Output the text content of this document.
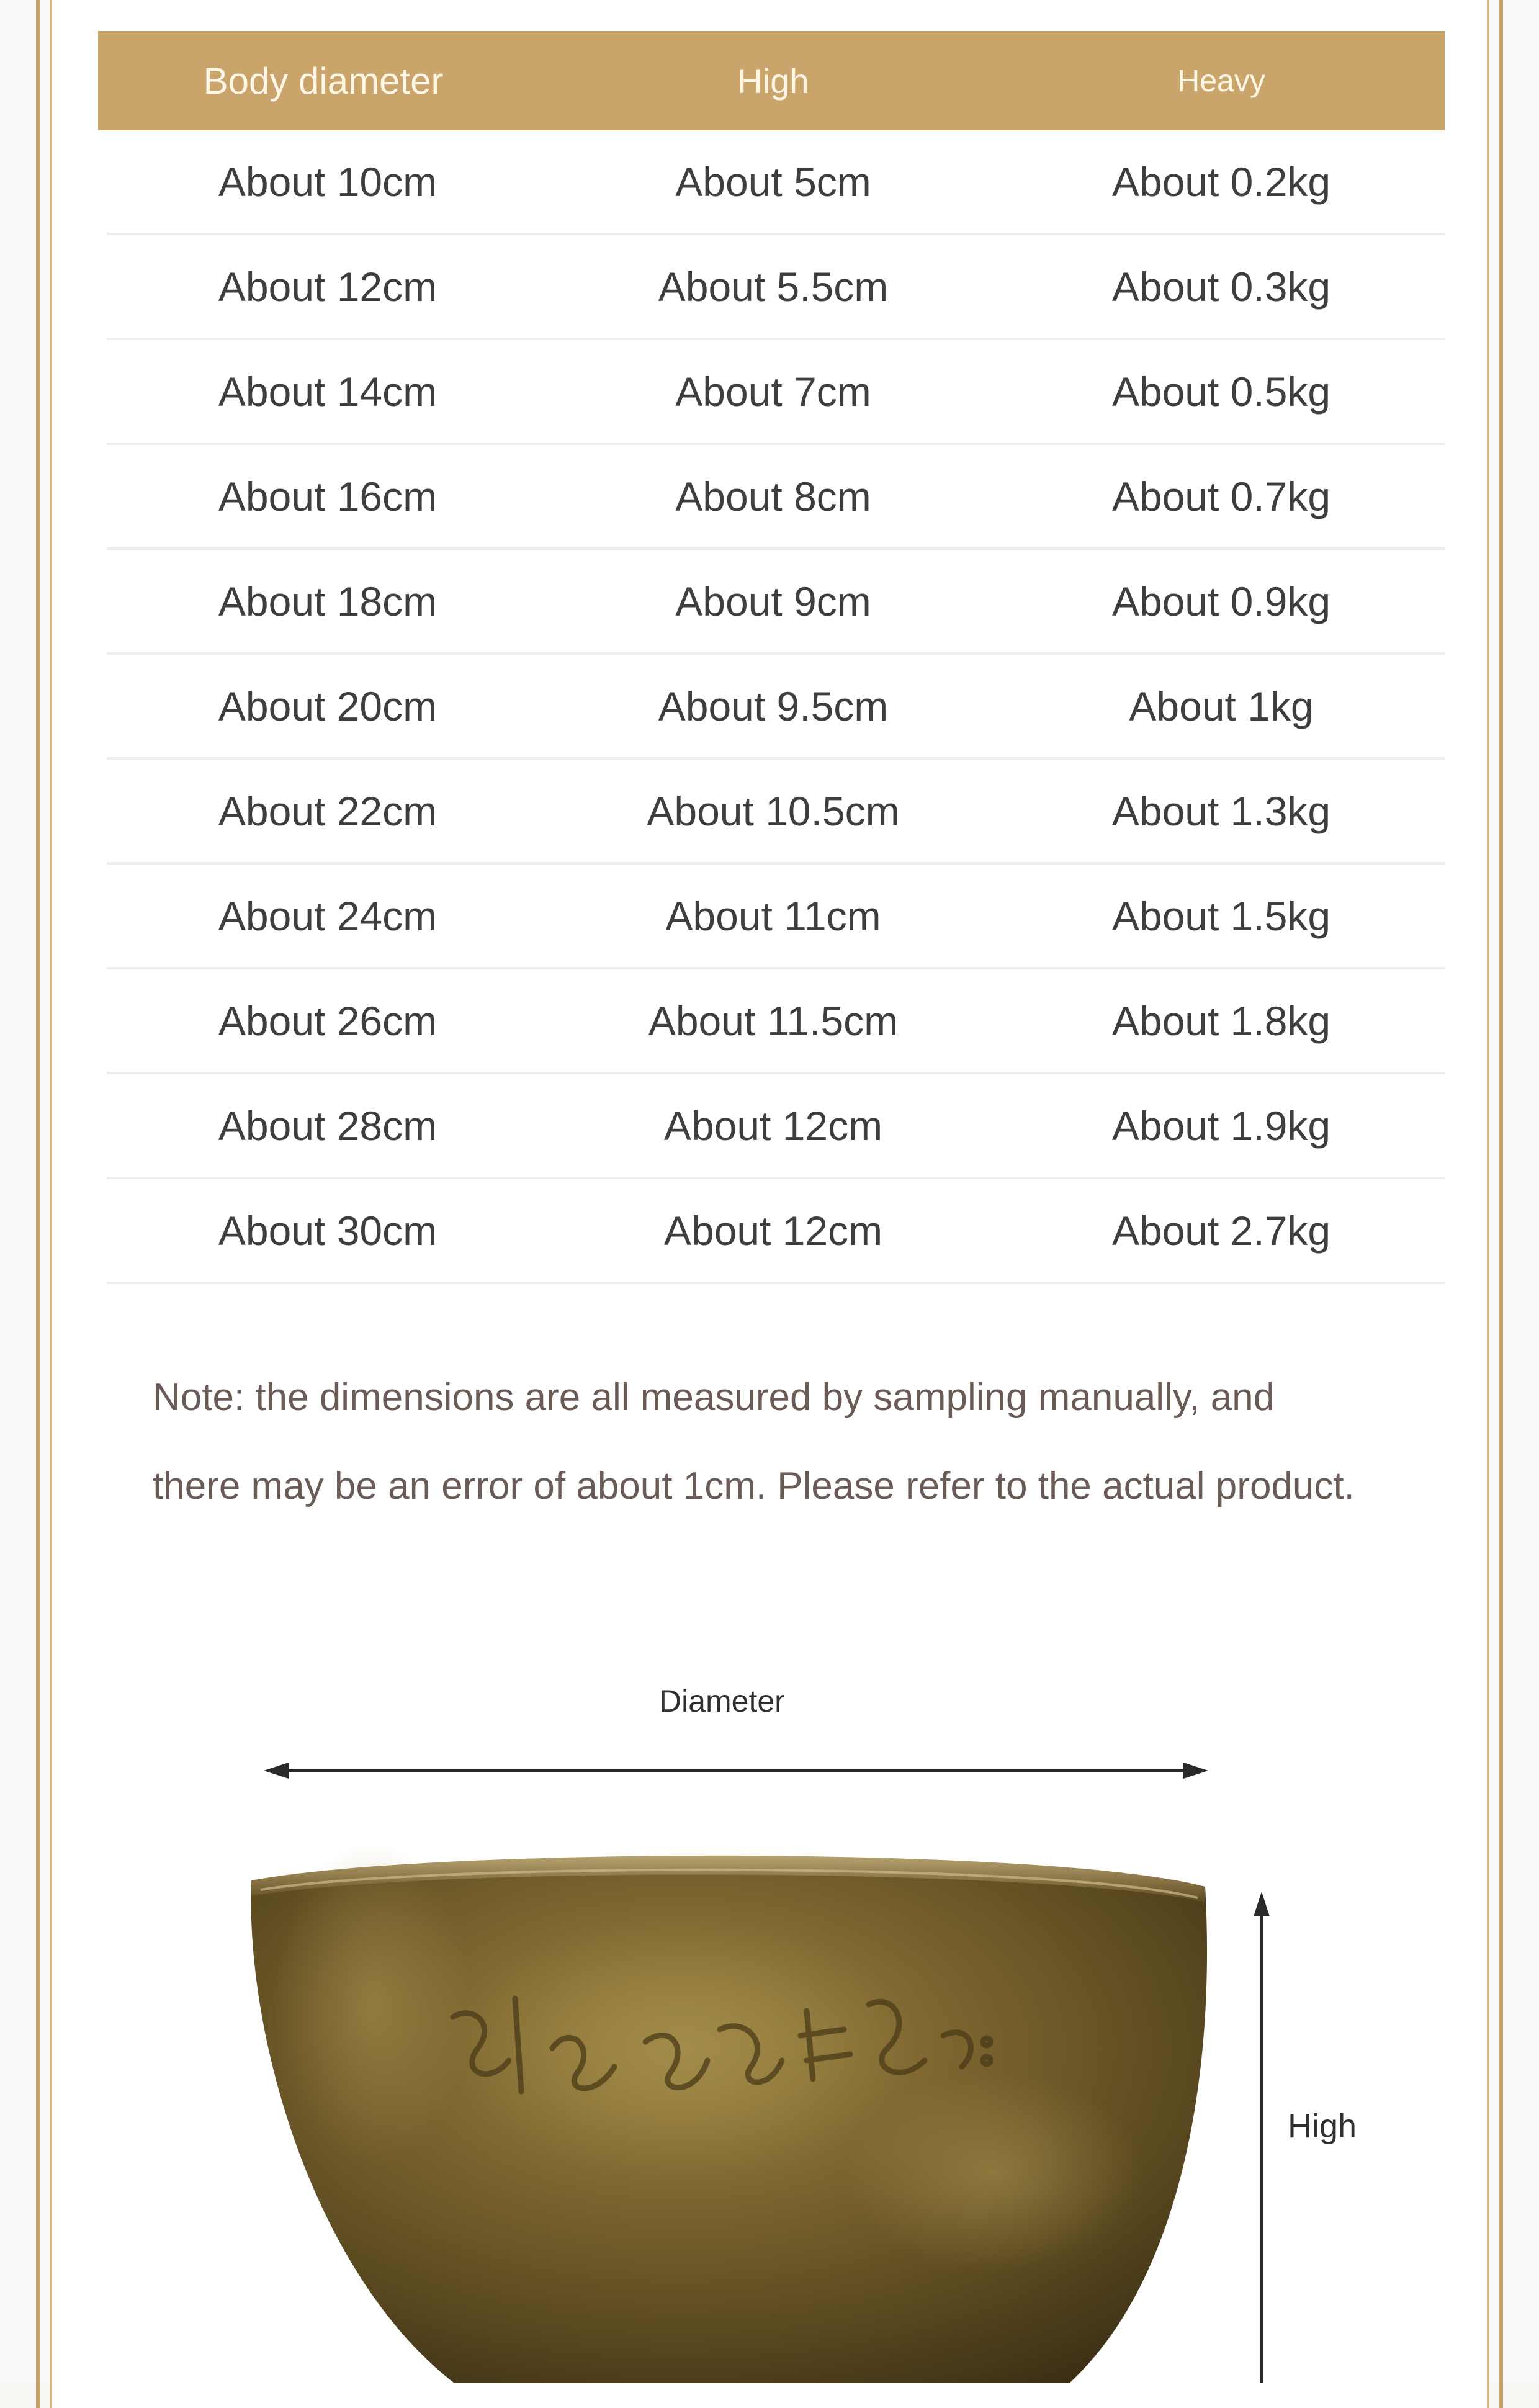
Body diameter	High	Heavy
About 10cm	About 5cm	About 0.2kg
About 12cm	About 5.5cm	About 0.3kg
About 14cm	About 7cm	About 0.5kg
About 16cm	About 8cm	About 0.7kg
About 18cm	About 9cm	About 0.9kg
About 20cm	About 9.5cm	About 1kg
About 22cm	About 10.5cm	About 1.3kg
About 24cm	About 11cm	About 1.5kg
About 26cm	About 11.5cm	About 1.8kg
About 28cm	About 12cm	About 1.9kg
About 30cm	About 12cm	About 2.7kg
Note: the dimensions are all measured by sampling manually, and
there may be an error of about 1cm. Please refer to the actual product.
Diameter
High
